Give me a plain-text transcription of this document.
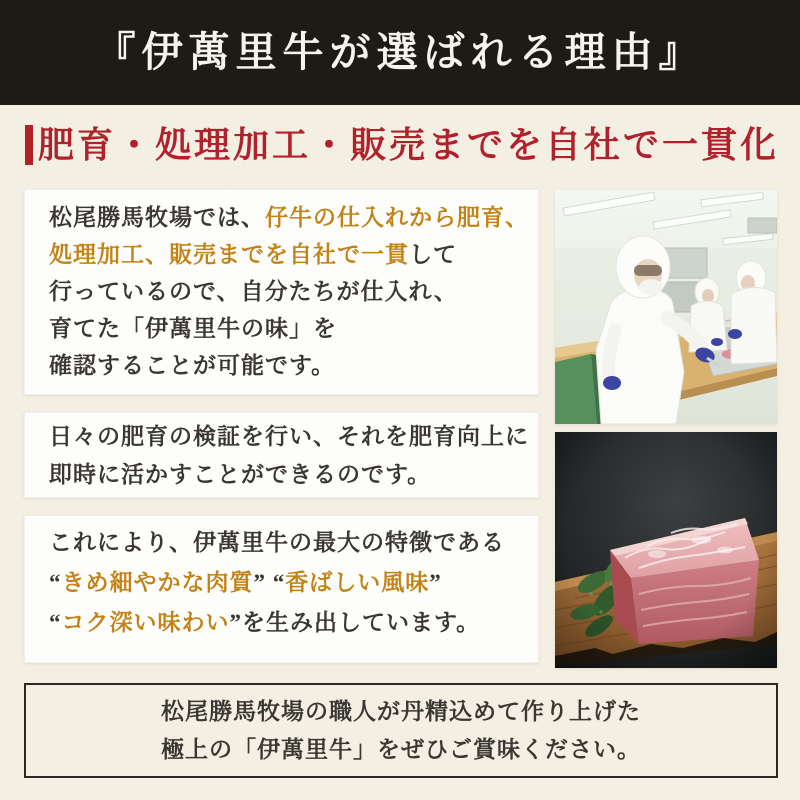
『伊萬里牛が選ばれる理由』
肥育・処理加工・販売までを自社で一貫化
松尾勝馬牧場では、仔牛の仕入れから肥育、
処理加工、販売までを自社で一貫して
行っているので、自分たちが仕入れ、
育てた「伊萬里牛の味」を
確認することが可能です。
日々の肥育の検証を行い、それを肥育向上に
即時に活かすことができるのです。
これにより、伊萬里牛の最大の特徴である
“きめ細やかな肉質” “香ばしい風味”
“コク深い味わい”を生み出しています。
松尾勝馬牧場の職人が丹精込めて作り上げた
極上の「伊萬里牛」をぜひご賞味ください。
